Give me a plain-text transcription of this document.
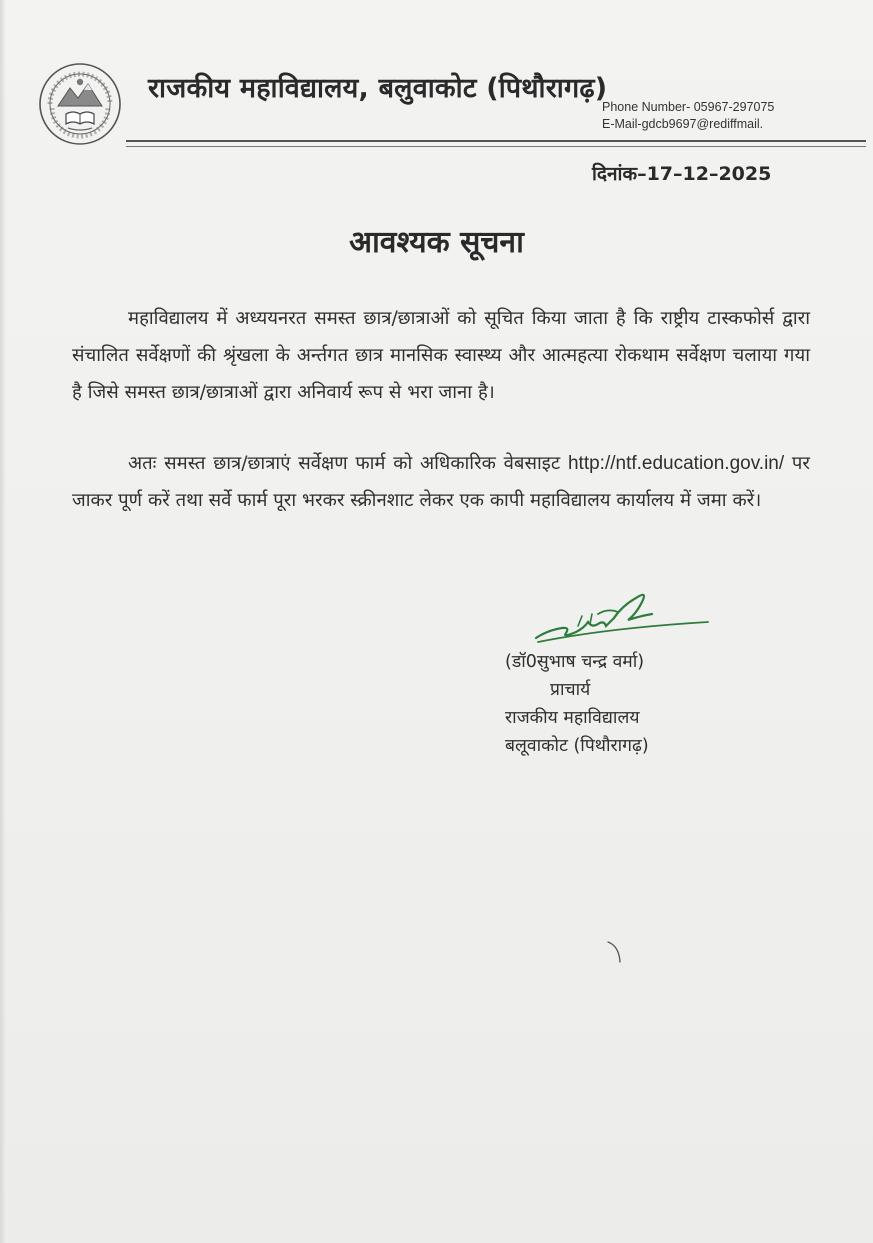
राजकीय महाविद्यालय, बलुवाकोट (पिथौरागढ़)
Phone Number- 05967-297075
E-Mail-gdcb9697@rediffmail.
दिनांक–17–12–2025
आवश्यक सूचना

महाविद्यालय में अध्ययनरत समस्त छात्र/छात्राओं को सूचित किया जाता है कि राष्ट्रीय टास्कफोर्स द्वारा संचालित सर्वेक्षणों की श्रृंखला के अर्न्तगत छात्र मानसिक स्वास्थ्य और आत्महत्या रोकथाम सर्वेक्षण चलाया गया है जिसे समस्त छात्र/छात्राओं द्वारा अनिवार्य रूप से भरा जाना है।

अतः समस्त छात्र/छात्राएं सर्वेक्षण फार्म को अधिकारिक वेबसाइट http://ntf.education.gov.in/ पर जाकर पूर्ण करें तथा सर्वे फार्म पूरा भरकर स्क्रीनशाट लेकर एक कापी महाविद्यालय कार्यालय में जमा करें।

(डॉ0सुभाष चन्द्र वर्मा)
प्राचार्य
राजकीय महाविद्यालय
बलूवाकोट (पिथौरागढ़)
